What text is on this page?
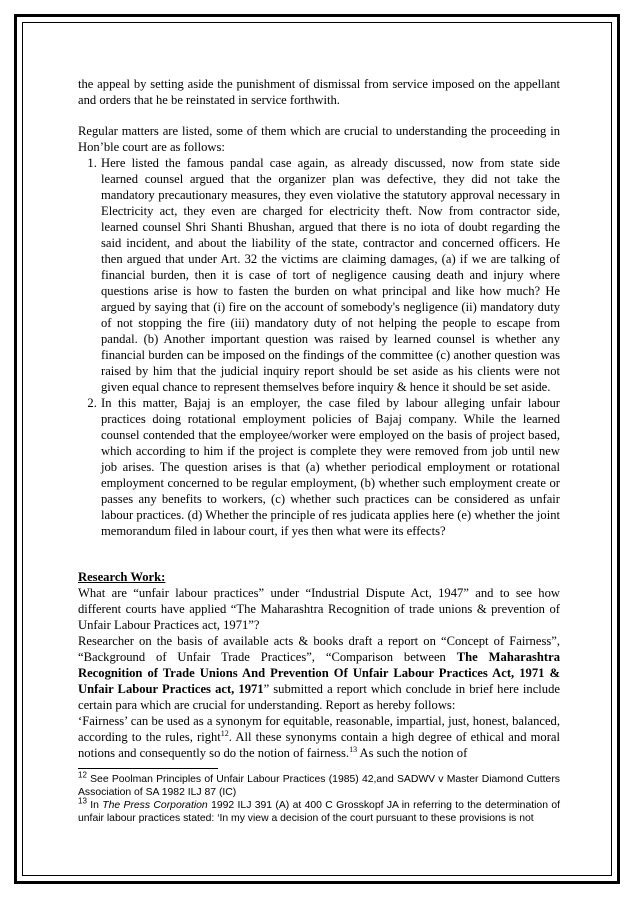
the appeal by setting aside the punishment of dismissal from service imposed on the appellant and orders that he be reinstated in service forthwith.

Regular matters are listed, some of them which are crucial to understanding the proceeding in Hon’ble court are as follows:

1. Here listed the famous pandal case again, as already discussed, now from state side learned counsel argued that the organizer plan was defective, they did not take the mandatory precautionary measures, they even violative the statutory approval necessary in Electricity act, they even are charged for electricity theft. Now from contractor side, learned counsel Shri Shanti Bhushan, argued that there is no iota of doubt regarding the said incident, and about the liability of the state, contractor and concerned officers. He then argued that under Art. 32 the victims are claiming damages, (a) if we are talking of financial burden, then it is case of tort of negligence causing death and injury where questions arise is how to fasten the burden on what principal and like how much? He argued by saying that (i) fire on the account of somebody's negligence (ii) mandatory duty of not stopping the fire (iii) mandatory duty of not helping the people to escape from pandal. (b) Another important question was raised by learned counsel is whether any financial burden can be imposed on the findings of the committee (c) another question was raised by him that the judicial inquiry report should be set aside as his clients were not given equal chance to represent themselves before inquiry & hence it should be set aside.
2. In this matter, Bajaj is an employer, the case filed by labour alleging unfair labour practices doing rotational employment policies of Bajaj company. While the learned counsel contended that the employee/worker were employed on the basis of project based, which according to him if the project is complete they were removed from job until new job arises. The question arises is that (a) whether periodical employment or rotational employment concerned to be regular employment, (b) whether such employment create or passes any benefits to workers, (c) whether such practices can be considered as unfair labour practices. (d) Whether the principle of res judicata applies here (e) whether the joint memorandum filed in labour court, if yes then what were its effects?

Research Work:

What are “unfair labour practices” under “Industrial Dispute Act, 1947” and to see how different courts have applied “The Maharashtra Recognition of trade unions & prevention of Unfair Labour Practices act, 1971”?

Researcher on the basis of available acts & books draft a report on “Concept of Fairness”, “Background of Unfair Trade Practices”, “Comparison between The Maharashtra Recognition of Trade Unions And Prevention Of Unfair Labour Practices Act, 1971 & Unfair Labour Practices act, 1971” submitted a report which conclude in brief here include certain para which are crucial for understanding. Report as hereby follows:

‘Fairness’ can be used as a synonym for equitable, reasonable, impartial, just, honest, balanced, according to the rules, right$^{12}$. All these synonyms contain a high degree of ethical and moral notions and consequently so do the notion of fairness.$^{13}$ As such the notion of

$^{12}$ See Poolman Principles of Unfair Labour Practices (1985) 42,and SADWV v Master Diamond Cutters Association of SA 1982 ILJ 87 (IC)

$^{13}$ In The Press Corporation 1992 ILJ 391 (A) at 400 C Grosskopf JA in referring to the determination of unfair labour practices stated: ‘In my view a decision of the court pursuant to these provisions is not
